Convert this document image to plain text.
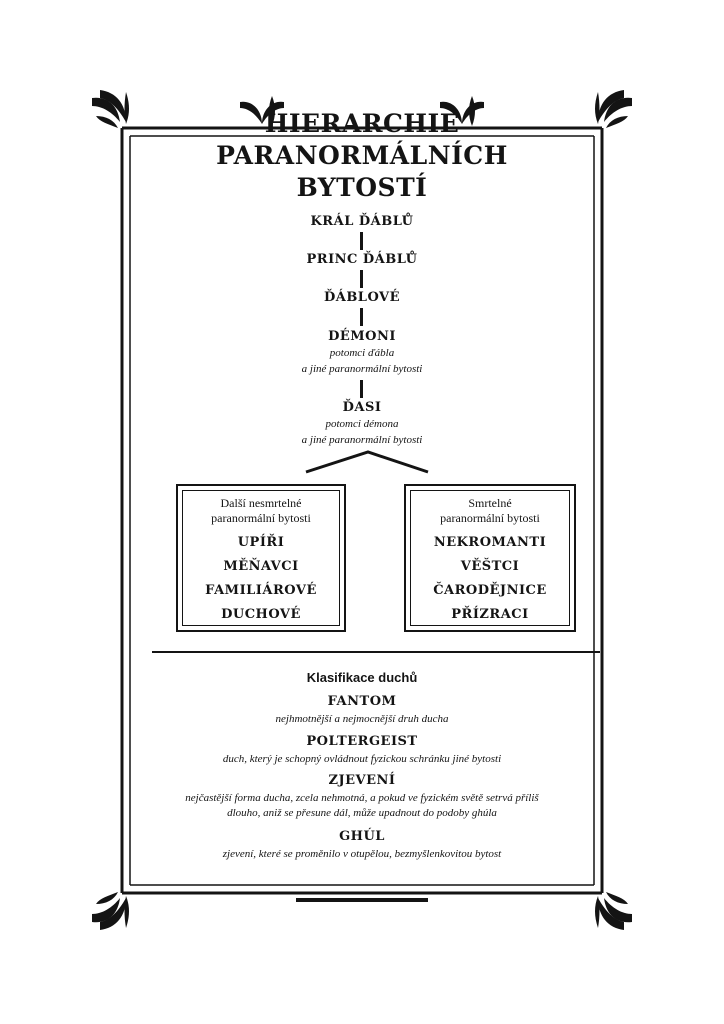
HIERARCHIE
PARANORMÁLNÍCH
BYTOSTÍ
KRÁL ĎÁBLŮ
PRINC ĎÁBLŮ
ĎÁBLOVÉ
DÉMONI
potomci ďábla
a jiné paranormální bytosti
ĎASI
potomci démona
a jiné paranormální bytosti
Další nesmrtelné
paranormální bytosti
UPÍŘI
MĚŇAVCI
FAMILIÁROVÉ
DUCHOVÉ
Smrtelné
paranormální bytosti
NEKROMANTI
VĚŠTCI
ČARODĚJNICE
PŘÍZRACI
Klasifikace duchů
FANTOM
nejhmotnější a nejmocnější druh ducha
POLTERGEIST
duch, který je schopný ovládnout fyzickou schránku jiné bytosti
ZJEVENÍ
nejčastější forma ducha, zcela nehmotná, a pokud ve fyzickém světě setrvá příliš
dlouho, aniž se přesune dál, může upadnout do podoby ghúla
GHÚL
zjevení, které se proměnilo v otupělou, bezmyšlenkovitou bytost
